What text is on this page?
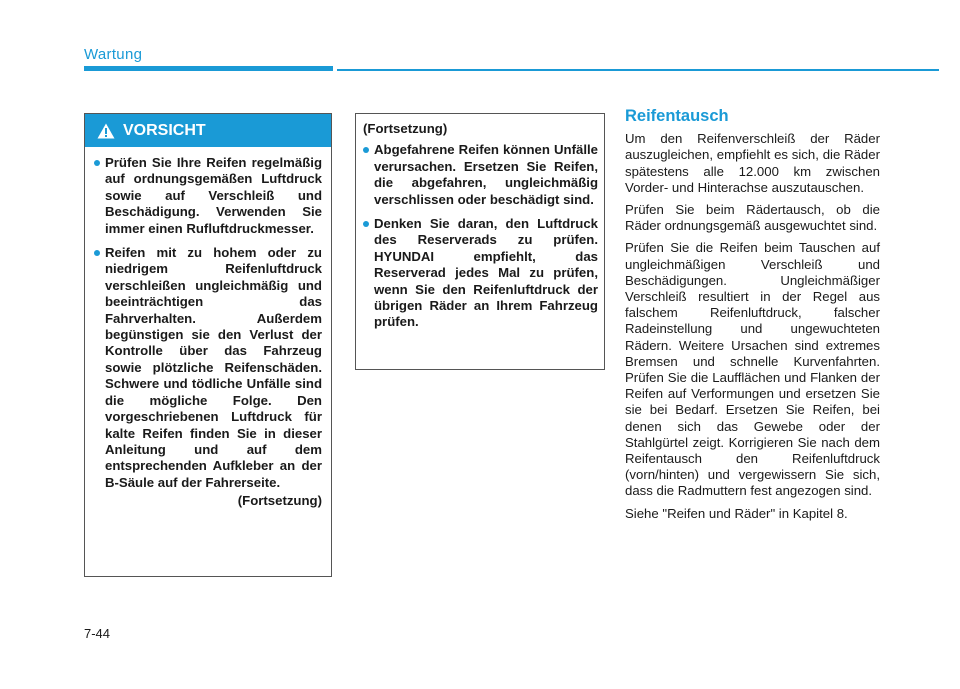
Wartung
VORSICHT
Prüfen Sie Ihre Reifen regelmäßig auf ordnungsgemäßen Luftdruck sowie auf Verschleiß und Beschädigung. Verwenden Sie immer einen Rufluftdruckmesser.
Reifen mit zu hohem oder zu niedrigem Reifenluftdruck verschleißen ungleichmäßig und beeinträchtigen das Fahrverhalten. Außerdem begünstigen sie den Verlust der Kontrolle über das Fahrzeug sowie plötzliche Reifenschäden. Schwere und tödliche Unfälle sind die mögliche Folge. Den vorgeschriebenen Luftdruck für kalte Reifen finden Sie in dieser Anleitung und auf dem entsprechenden Aufkleber an der B-Säule auf der Fahrerseite.
(Fortsetzung)
(Fortsetzung)
Abgefahrene Reifen können Unfälle verursachen. Ersetzen Sie Reifen, die abgefahren, ungleichmäßig verschlissen oder beschädigt sind.
Denken Sie daran, den Luftdruck des Reserverads zu prüfen. HYUNDAI empfiehlt, das Reserverad jedes Mal zu prüfen, wenn Sie den Reifenluftdruck der übrigen Räder an Ihrem Fahrzeug prüfen.
Reifentausch

Um den Reifenverschleiß der Räder auszugleichen, empfiehlt es sich, die Räder spätestens alle 12.000 km zwischen Vorder- und Hinterachse auszutauschen.

Prüfen Sie beim Rädertausch, ob die Räder ordnungsgemäß ausgewuchtet sind.

Prüfen Sie die Reifen beim Tauschen auf ungleichmäßigen Verschleiß und Beschädigungen. Ungleichmäßiger Verschleiß resultiert in der Regel aus falschem Reifenluftdruck, falscher Radeinstellung und ungewuchteten Rädern. Weitere Ursachen sind extremes Bremsen und schnelle Kurvenfahrten. Prüfen Sie die Laufflächen und Flanken der Reifen auf Verformungen und ersetzen Sie sie bei Bedarf. Ersetzen Sie Reifen, bei denen sich das Gewebe oder der Stahlgürtel zeigt. Korrigieren Sie nach dem Reifentausch den Reifenluftdruck (vorn/hinten) und vergewissern Sie sich, dass die Radmuttern fest angezogen sind.

Siehe "Reifen und Räder" in Kapitel 8.

7-44
